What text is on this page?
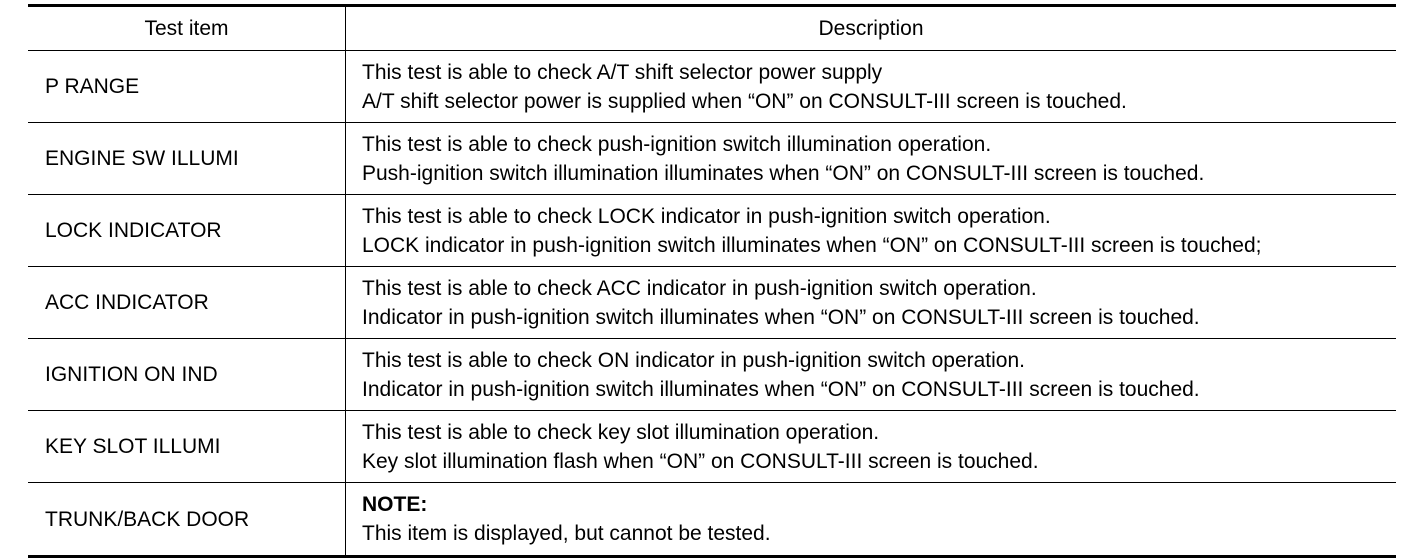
Test item	Description
P RANGE
This test is able to check A/T shift selector power supply
A/T shift selector power is supplied when “ON” on CONSULT-III screen is touched.
ENGINE SW ILLUMI
This test is able to check push-ignition switch illumination operation.
Push-ignition switch illumination illuminates when “ON” on CONSULT-III screen is touched.
LOCK INDICATOR
This test is able to check LOCK indicator in push-ignition switch operation.
LOCK indicator in push-ignition switch illuminates when “ON” on CONSULT-III screen is touched;
ACC INDICATOR
This test is able to check ACC indicator in push-ignition switch operation.
Indicator in push-ignition switch illuminates when “ON” on CONSULT-III screen is touched.
IGNITION ON IND
This test is able to check ON indicator in push-ignition switch operation.
Indicator in push-ignition switch illuminates when “ON” on CONSULT-III screen is touched.
KEY SLOT ILLUMI
This test is able to check key slot illumination operation.
Key slot illumination flash when “ON” on CONSULT-III screen is touched.
TRUNK/BACK DOOR
NOTE:
This item is displayed, but cannot be tested.
